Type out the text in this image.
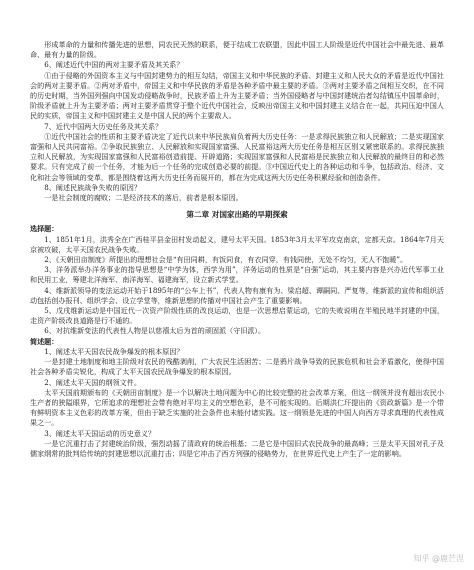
形成革命的力量和传播先进的思想，同农民天然的联系，便于结成工农联盟，因此中国工人阶级是近代中国社会中最先进、最革命、最有力量的阶级。

6、阐述近代中国的两对主要矛盾及其关系？

①由于侵略的外国资本主义与中国封建势力的相互勾结，帝国主义和中华民族的矛盾、封建主义和人民大众的矛盾是近代中国社会的两对主要矛盾。②两对矛盾中，帝国主义和中华民族的矛盾是各种矛盾中最主要的矛盾。③两对主要矛盾之间相互交织，在不同的历史时期，当外国列强向中国发动侵略战争时，民族矛盾上升为主要矛盾；当外国侵略者与中国封建统治者勾结镇压中国革命时，阶级矛盾就上升为主要矛盾；两对主要矛盾贯穿于整个近代中国社会，反映出帝国主义和中国封建主义结合在一起，共同压迫中国人民的实质，帝国主义和中国封建主义是中国人民的两个主要敌人。

7、近代中国两大历史任务及其关系？

①近代中国社会的性质和主要矛盾决定了近代以来中华民族肩负着两大历史任务：一是求得民族独立和人民解放；二是实现国家富强和人民共同富裕。②争取民族独立、人民解放和实现国家富强、人民富裕这两大历史任务是相互区别又紧密联系的。求得民族独立和人民解放，为实现国家富强和人民富裕创造前提、开辟道路；实现国家富强和人民富裕是民族独立和人民解放的最终目的和必然要求。只有完成了前一个任务，才能为后一个任务的完成创造必要的前提。③中国近代史上的各种运动和斗争，包括政治、经济、文化和社会等领域的变革，都是围绕着这两大历史任务而展开的，都在为完成这两大历史任务积累经验和创造条件。

8、阐述民族战争失败的原因？

一是社会制度的腐败；二是经济技术的落后，前者是根本原因。

第二章 对国家出路的早期探索

选择题：

1、1851年1月，洪秀全在广西桂平县金田村发动起义，建号太平天国。1853年3月太平军攻克南京，定都天京。1864年7月天京被攻破，太平天国农民战争失败。

2、《天朝田亩制度》所提出的理想社会是“有田同耕，有饭同食，有衣同穿，有钱同使，无处不均匀，无人不饱暖”。

3、洋务派举办洋务事业的指导思想是“中学为体，西学为用”，洋务运动的性质是“自强”运动，其主要内容是兴办近代军事工业和民用工业，筹建北洋海军、南洋海军、福建海军，设立新式学堂。

4、维新派领导的变法运动开始于1895年的“公车上书”，代表人物有康有为、梁启超、谭嗣同、严复等，维新派的宣传和组织活动包括创办报刊、组织学会、设立学堂等，维新思想的传播对中国社会产生了重要影响。

5、戊戌维新运动是中国近代一次资产阶级性质的改良运动，也是一次思想启蒙运动，它的失败说明在半殖民地半封建的中国，走资产阶级改良道路是行不通的。

6、对抗维新变法的代表性人物是以慈禧太后为首的顽固派（守旧派）。

简述题：

1、阐述太平天国农民战争爆发的根本原因？

一是封建土地制度和地主阶级对农民的残酷剥削，广大农民生活困苦；二是鸦片战争导致的民族危机和社会矛盾激化，使得中国社会各种矛盾尖锐化，构成了太平天国农民战争爆发的根本原因。

2、阐述太平天国的纲领文件。

太平天国前期颁布的《天朝田亩制度》是一个以解决土地问题为中心的比较完整的社会改革方案，但这一纲领并没有超出农民小生产者的狭隘眼界，它所追求的理想社会带有绝对平均主义的空想色彩，是不可能实现的。后期洪仁玕提出的《资政新篇》是一个带有鲜明资本主义色彩的改革方案，但由于缺乏实施的社会条件也未能付诸实践。这一纲领是先进的中国人向西方寻求真理的代表性成果之一。

3、阐述太平天国运动的历史意义？

一是它沉重打击了封建统治阶级，强烈动摇了清政府的统治根基；二是它是中国旧式农民战争的最高峰；三是太平天国对孔子及儒家纲常的批判给传统的封建思想以沉重打击；四是它冲击了西方列强的侵略势力，在世界近代史上产生了一定的影响。

知乎 @鹿芒涅
